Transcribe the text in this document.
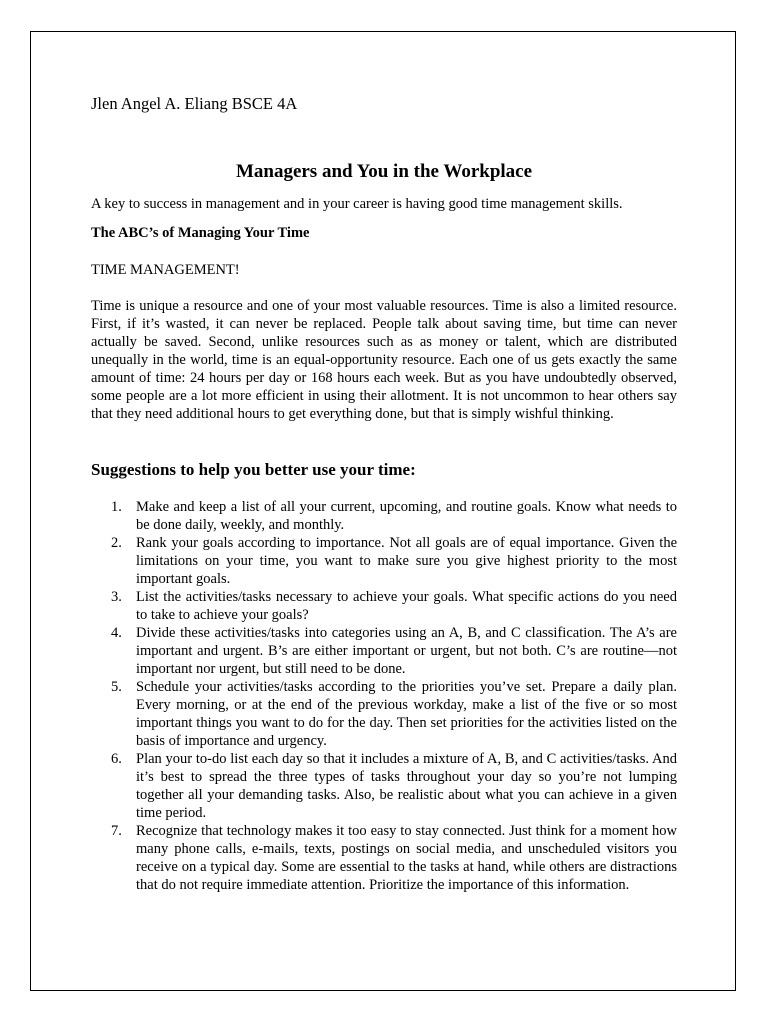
Jlen Angel A. Eliang BSCE 4A

Managers and You in the Workplace

A key to success in management and in your career is having good time management skills.

The ABC’s of Managing Your Time

TIME MANAGEMENT!

Time is unique a resource and one of your most valuable resources. Time is also a limited resource. First, if it’s wasted, it can never be replaced. People talk about saving time, but time can never actually be saved. Second, unlike resources such as as money or talent, which are distributed unequally in the world, time is an equal-opportunity resource. Each one of us gets exactly the same amount of time: 24 hours per day or 168 hours each week. But as you have undoubtedly observed, some people are a lot more efficient in using their allotment. It is not uncommon to hear others say that they need additional hours to get everything done, but that is simply wishful thinking.

Suggestions to help you better use your time:
1. Make and keep a list of all your current, upcoming, and routine goals. Know what needs to be done daily, weekly, and monthly.
2. Rank your goals according to importance. Not all goals are of equal importance. Given the limitations on your time, you want to make sure you give highest priority to the most important goals.
3. List the activities/tasks necessary to achieve your goals. What specific actions do you need to take to achieve your goals?
4. Divide these activities/tasks into categories using an A, B, and C classification. The A’s are important and urgent. B’s are either important or urgent, but not both. C’s are routine—not important nor urgent, but still need to be done.
5. Schedule your activities/tasks according to the priorities you’ve set. Prepare a daily plan. Every morning, or at the end of the previous workday, make a list of the five or so most important things you want to do for the day. Then set priorities for the activities listed on the basis of importance and urgency.
6. Plan your to-do list each day so that it includes a mixture of A, B, and C activities/tasks. And it’s best to spread the three types of tasks throughout your day so you’re not lumping together all your demanding tasks. Also, be realistic about what you can achieve in a given time period.
7. Recognize that technology makes it too easy to stay connected. Just think for a moment how many phone calls, e-mails, texts, postings on social media, and unscheduled visitors you receive on a typical day. Some are essential to the tasks at hand, while others are distractions that do not require immediate attention. Prioritize the importance of this information.
